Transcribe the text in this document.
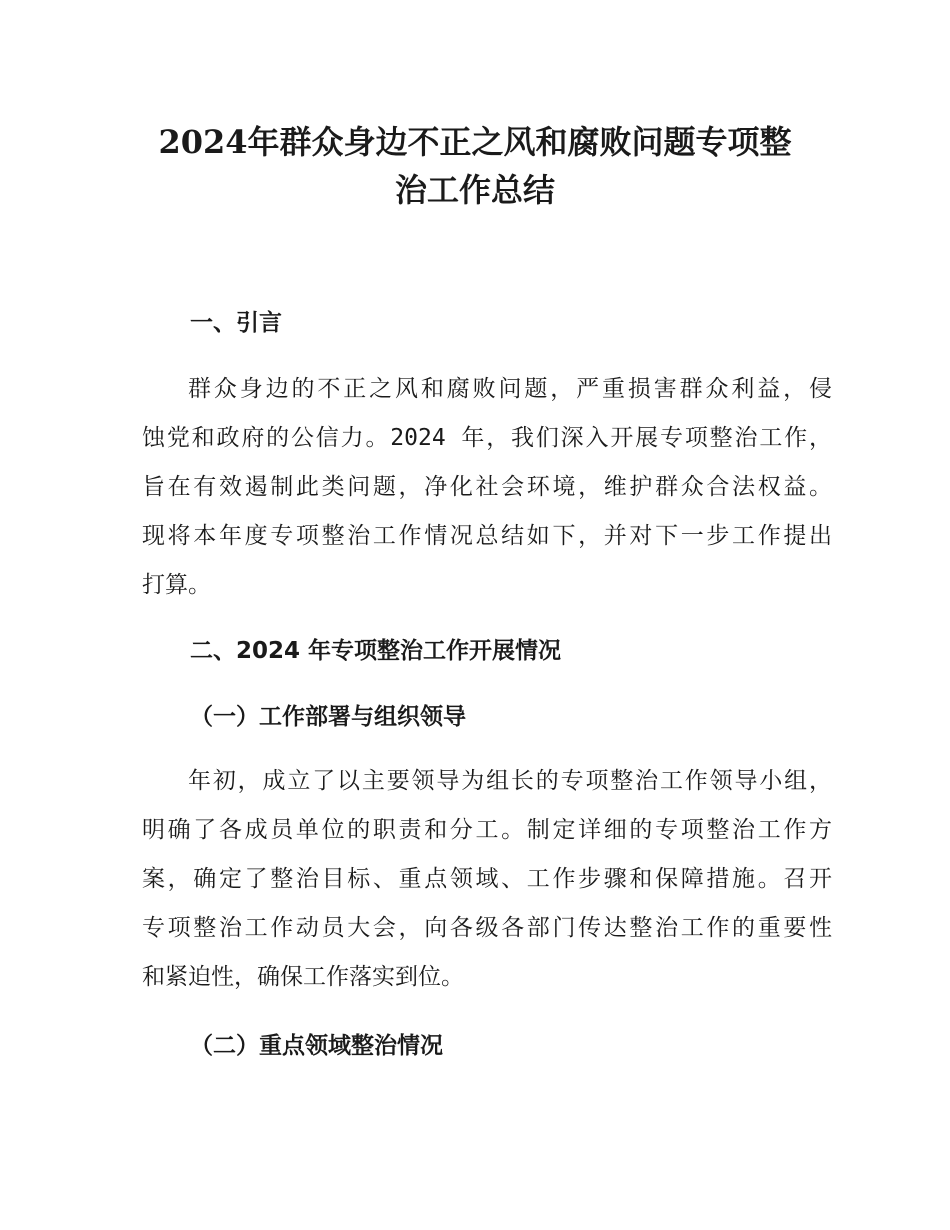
2024年群众身边不正之风和腐败问题专项整
治工作总结
一、引言
群众身边的不正之风和腐败问题，严重损害群众利益，侵
蚀党和政府的公信力。2024 年，我们深入开展专项整治工作，
旨在有效遏制此类问题，净化社会环境，维护群众合法权益。
现将本年度专项整治工作情况总结如下，并对下一步工作提出
打算。
二、2024 年专项整治工作开展情况
（一）工作部署与组织领导
年初，成立了以主要领导为组长的专项整治工作领导小组，
明确了各成员单位的职责和分工。制定详细的专项整治工作方
案，确定了整治目标、重点领域、工作步骤和保障措施。召开
专项整治工作动员大会，向各级各部门传达整治工作的重要性
和紧迫性，确保工作落实到位。
（二）重点领域整治情况
